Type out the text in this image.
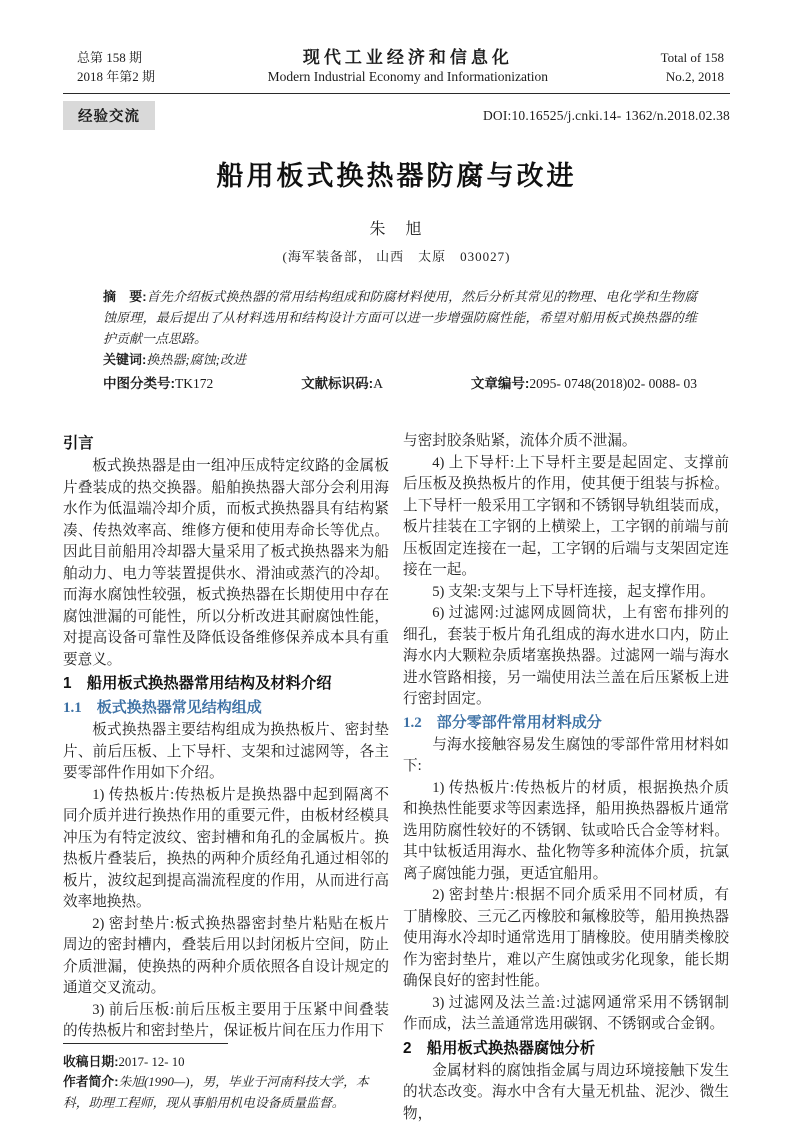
总第 158 期
2018 年第2 期
现代工业经济和信息化
Modern Industrial Economy and Informationization
Total of 158
No.2, 2018
经验交流	DOI:10.16525/j.cnki.14- 1362/n.2018.02.38
船用板式换热器防腐与改进
朱　旭
(海军装备部， 山西　太原　030027)

摘　要:首先介绍板式换热器的常用结构组成和防腐材料使用，然后分析其常见的物理、电化学和生物腐蚀原理，最后提出了从材料选用和结构设计方面可以进一步增强防腐性能，希望对船用板式换热器的维护贡献一点思路。

关键词:换热器;腐蚀;改进

中图分类号:TK172	文献标识码:A	文章编号:2095- 0748(2018)02- 0088- 03
引言

板式换热器是由一组冲压成特定纹路的金属板片叠装成的热交换器。船舶换热器大部分会利用海水作为低温端冷却介质，而板式换热器具有结构紧凑、传热效率高、维修方便和使用寿命长等优点。因此目前船用冷却器大量采用了板式换热器来为船舶动力、电力等装置提供水、滑油或蒸汽的冷却。而海水腐蚀性较强，板式换热器在长期使用中存在腐蚀泄漏的可能性，所以分析改进其耐腐蚀性能，对提高设备可靠性及降低设备维修保养成本具有重要意义。

1　船用板式换热器常用结构及材料介绍
1.1　板式换热器常见结构组成

板式换热器主要结构组成为换热板片、密封垫片、前后压板、上下导杆、支架和过滤网等，各主要零部件作用如下介绍。

1) 传热板片:传热板片是换热器中起到隔离不同介质并进行换热作用的重要元件，由板材经模具冲压为有特定波纹、密封槽和角孔的金属板片。换热板片叠装后，换热的两种介质经角孔通过相邻的板片，波纹起到提高湍流程度的作用，从而进行高效率地换热。

2) 密封垫片:板式换热器密封垫片粘贴在板片周边的密封槽内，叠装后用以封闭板片空间，防止介质泄漏，使换热的两种介质依照各自设计规定的通道交叉流动。

3) 前后压板:前后压板主要用于压紧中间叠装的传热板片和密封垫片，保证板片间在压力作用下

收稿日期:2017- 12- 10

作者简介:朱旭(1990—)，男，毕业于河南科技大学，本科，助理工程师，现从事船用机电设备质量监督。

与密封胶条贴紧，流体介质不泄漏。

4) 上下导杆:上下导杆主要是起固定、支撑前后压板及换热板片的作用，使其便于组装与拆检。上下导杆一般采用工字钢和不锈钢导轨组装而成，板片挂装在工字钢的上横梁上，工字钢的前端与前压板固定连接在一起，工字钢的后端与支架固定连接在一起。

5) 支架:支架与上下导杆连接，起支撑作用。

6) 过滤网:过滤网成圆筒状，上有密布排列的细孔，套装于板片角孔组成的海水进水口内，防止海水内大颗粒杂质堵塞换热器。过滤网一端与海水进水管路相接，另一端使用法兰盖在后压紧板上进行密封固定。

1.2　部分零部件常用材料成分

与海水接触容易发生腐蚀的零部件常用材料如下:

1) 传热板片:传热板片的材质，根据换热介质和换热性能要求等因素选择，船用换热器板片通常选用防腐性较好的不锈钢、钛或哈氏合金等材料。其中钛板适用海水、盐化物等多种流体介质，抗氯离子腐蚀能力强，更适宜船用。

2) 密封垫片:根据不同介质采用不同材质，有丁腈橡胶、三元乙丙橡胶和氟橡胶等，船用换热器使用海水冷却时通常选用丁腈橡胶。使用腈类橡胶作为密封垫片，难以产生腐蚀或劣化现象，能长期确保良好的密封性能。

3) 过滤网及法兰盖:过滤网通常采用不锈钢制作而成，法兰盖通常选用碳钢、不锈钢或合金钢。

2　船用板式换热器腐蚀分析

金属材料的腐蚀指金属与周边环境接触下发生的状态改变。海水中含有大量无机盐、泥沙、微生物，
